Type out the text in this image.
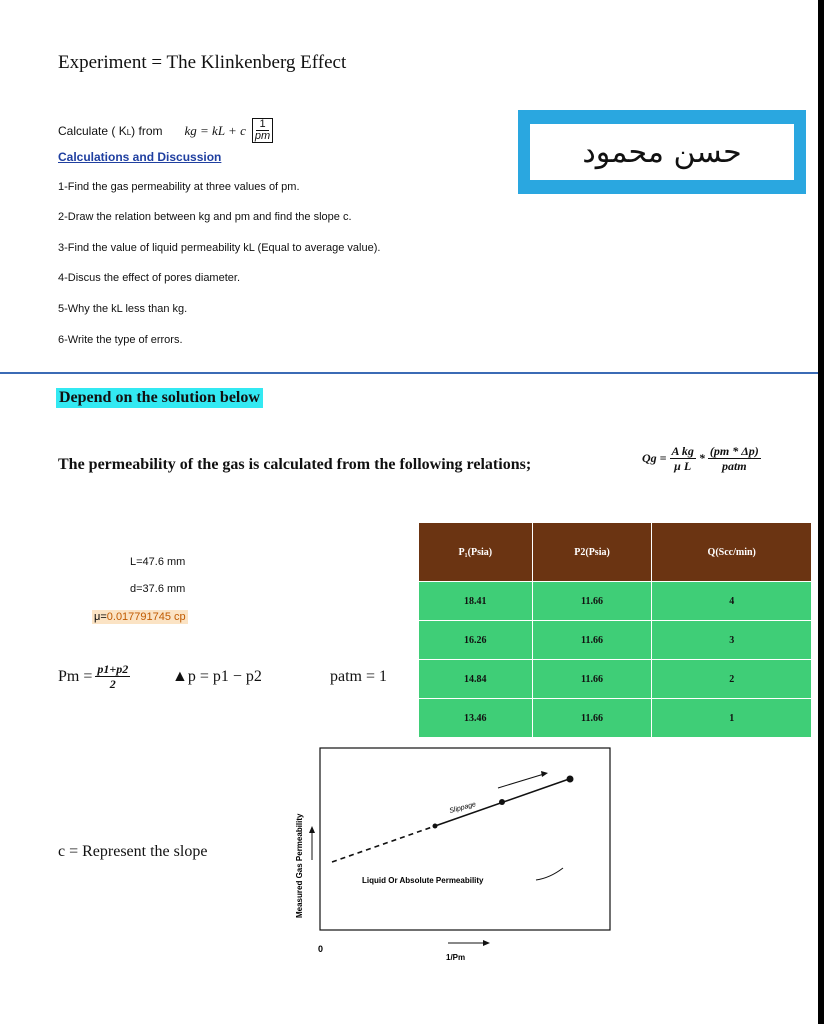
Experiment = The Klinkenberg Effect
Calculate ( KL) from kg = kL + c $\frac{1}{pm}$
Calculations and Discussion
1-Find the gas permeability at three values of pm.
2-Draw the relation between kg and pm and find the slope c.
3-Find the value of liquid permeability kL (Equal to average value).
4-Discus the effect of pores diameter.
5-Why the kL less than kg.
6-Write the type of errors.
حسن محمود
Depend on the solution below
The permeability of the gas is calculated from the following relations;	$Qg = \frac{\text{A kg}}{\text{μ L}} * \frac{(pm * \Delta p)}{\text{patm}}$
L=47.6 mm
d=37.6 mm
μ=0.017791745 cp
$Pm = \frac{p1+p2}{2}$	▲p = p1 − p2	patm = 1
P₁(Psia)	P2(Psia)	Q(Scc/min)
18.41	11.66	4
16.26	11.66	3
14.84	11.66	2
13.46	11.66	1
c = Represent the slope	Measured Gas Permeability
0
1/Pm
Slippage
Liquid Or Absolute Permeability
